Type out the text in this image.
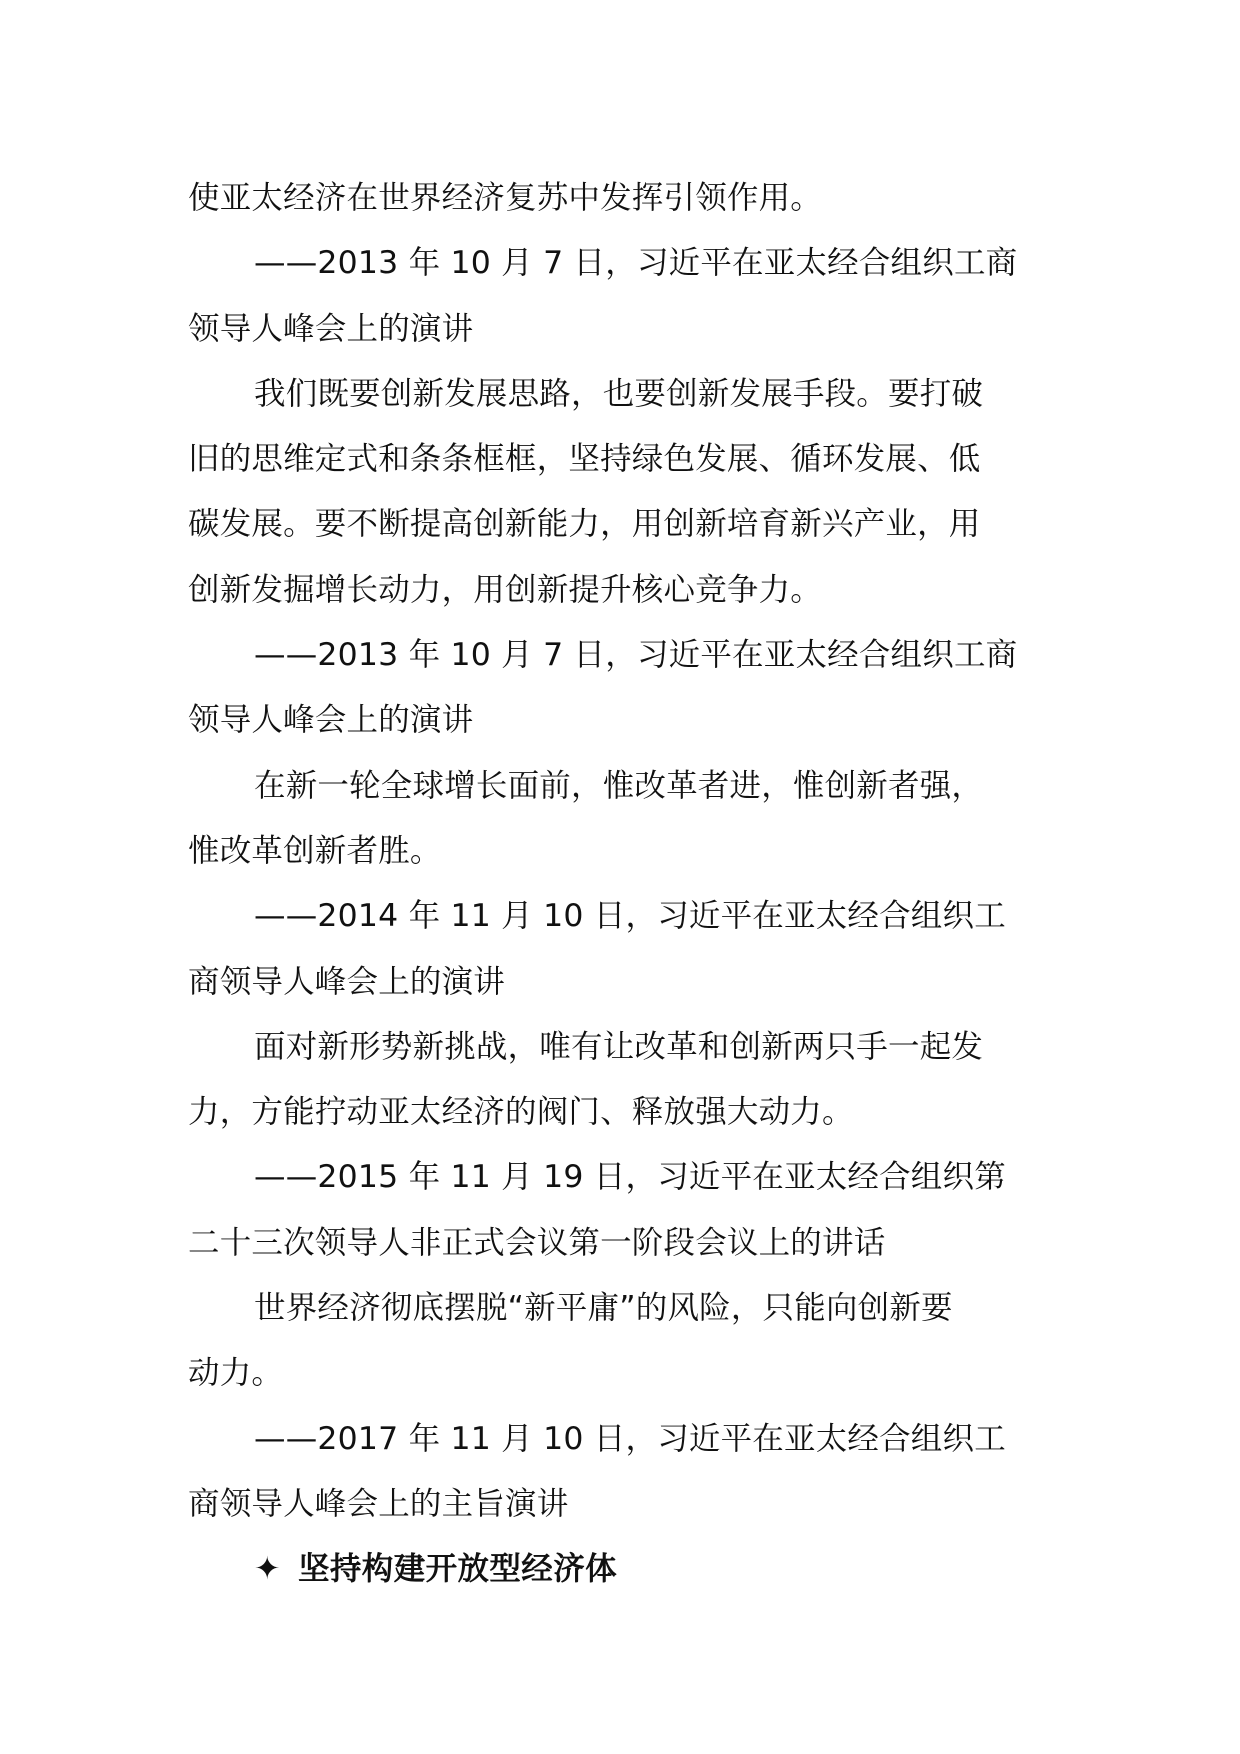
使亚太经济在世界经济复苏中发挥引领作用。
——2013 年 10 月 7 日，习近平在亚太经合组织工商
领导人峰会上的演讲
我们既要创新发展思路，也要创新发展手段。要打破
旧的思维定式和条条框框，坚持绿色发展、循环发展、低
碳发展。要不断提高创新能力，用创新培育新兴产业，用
创新发掘增长动力，用创新提升核心竞争力。
——2013 年 10 月 7 日，习近平在亚太经合组织工商
领导人峰会上的演讲
在新一轮全球增长面前，惟改革者进，惟创新者强，
惟改革创新者胜。
——2014 年 11 月 10 日，习近平在亚太经合组织工
商领导人峰会上的演讲
面对新形势新挑战，唯有让改革和创新两只手一起发
力，方能拧动亚太经济的阀门、释放强大动力。
——2015 年 11 月 19 日，习近平在亚太经合组织第
二十三次领导人非正式会议第一阶段会议上的讲话
世界经济彻底摆脱“新平庸”的风险，只能向创新要
动力。
——2017 年 11 月 10 日，习近平在亚太经合组织工
商领导人峰会上的主旨演讲
✦ 坚持构建开放型经济体
